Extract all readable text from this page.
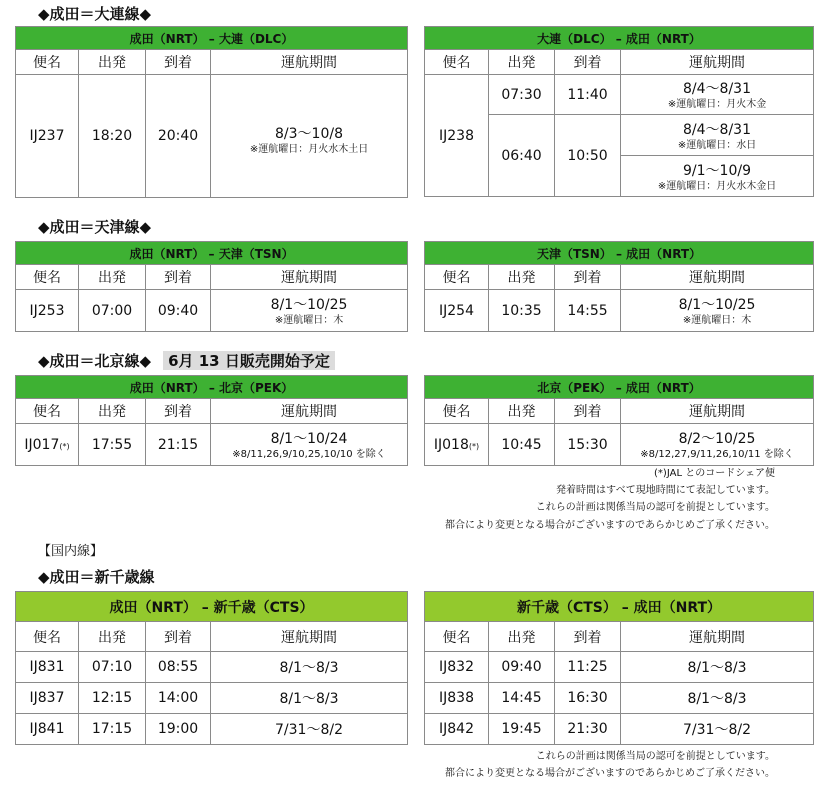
◆成田＝大連線◆
成田（NRT） – 大連（DLC）			
便名	出発	到着	運航期間
IJ237	18:20	20:40	8/3～10/8
※運航曜日：月火水木土日
大連（DLC） – 成田（NRT）			
便名	出発	到着	運航期間
IJ238	07:30	11:40	8/4～8/31
※運航曜日：月火木金

	06:40	10:50	8/4～8/31
※運航曜日：水日

			9/1～10/9
※運航曜日：月火水木金日
◆成田＝天津線◆
成田（NRT） – 天津（TSN）			
便名	出発	到着	運航期間
IJ253	07:00	09:40	8/1～10/25
※運航曜日：木
天津（TSN） – 成田（NRT）			
便名	出発	到着	運航期間
IJ254	10:35	14:55	8/1～10/25
※運航曜日：木
◆成田＝北京線◆ 6月 13 日販売開始予定
成田（NRT） – 北京（PEK）			
便名	出発	到着	運航期間
IJ017(*)	17:55	21:15	8/1～10/24
※8/11,26,9/10,25,10/10 を除く
北京（PEK） – 成田（NRT）			
便名	出発	到着	運航期間
IJ018(*)	10:45	15:30	8/2～10/25
※8/12,27,9/11,26,10/11 を除く
(*)JAL とのコードシェア便
発着時間はすべて現地時間にて表記しています。
これらの計画は関係当局の認可を前提としています。
都合により変更となる場合がございますのであらかじめご了承ください。
【国内線】
◆成田＝新千歳線
成田（NRT） – 新千歳（CTS）			
便名	出発	到着	運航期間
IJ831	07:10	08:55	8/1～8/3
IJ837	12:15	14:00	8/1～8/3
IJ841	17:15	19:00	7/31～8/2
新千歳（CTS） – 成田（NRT）			
便名	出発	到着	運航期間
IJ832	09:40	11:25	8/1～8/3
IJ838	14:45	16:30	8/1～8/3
IJ842	19:45	21:30	7/31～8/2
これらの計画は関係当局の認可を前提としています。
都合により変更となる場合がございますのであらかじめご了承ください。
